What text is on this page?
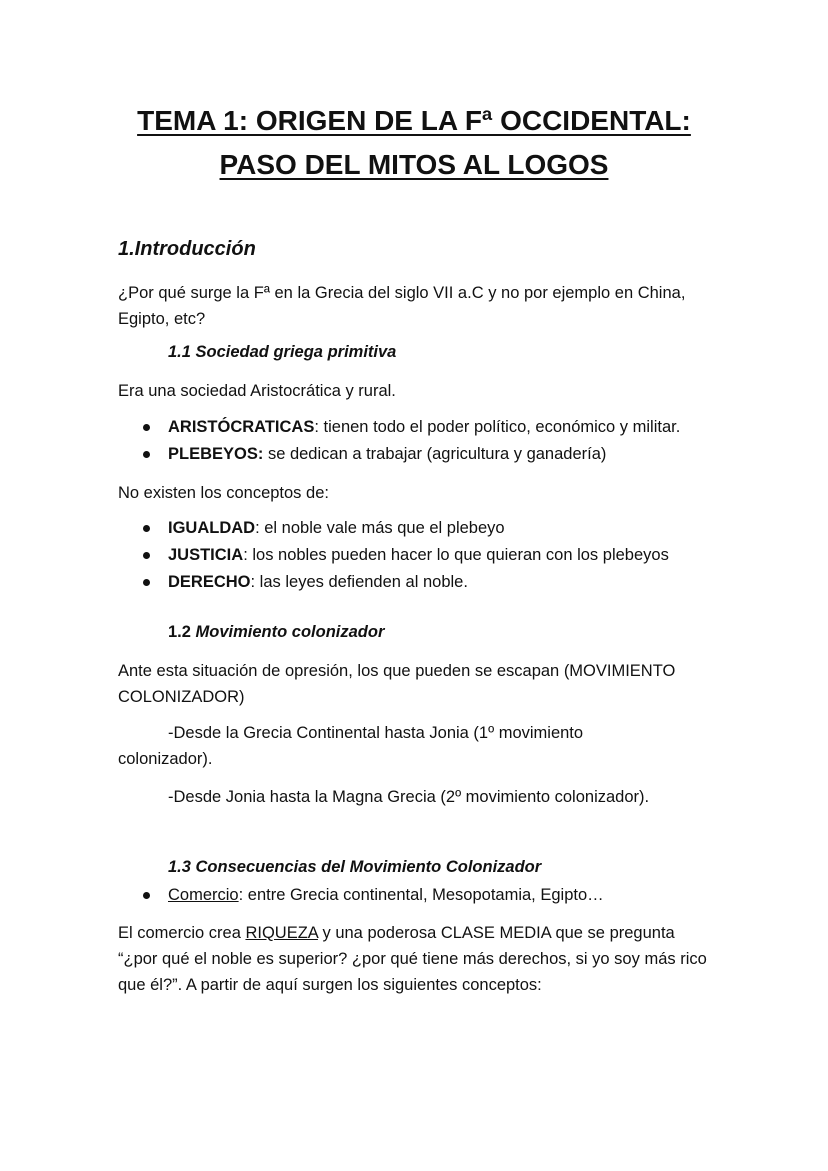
TEMA 1: ORIGEN DE LA Fª OCCIDENTAL:
PASO DEL MITOS AL LOGOS
1.Introducción

¿Por qué surge la Fª en la Grecia del siglo VII a.C y no por ejemplo en China, Egipto, etc?

1.1 Sociedad griega primitiva

Era una sociedad Aristocrática y rural.

ARISTÓCRATICAS: tienen todo el poder político, económico y militar.
PLEBEYOS: se dedican a trabajar (agricultura y ganadería)

No existen los conceptos de:

IGUALDAD: el noble vale más que el plebeyo
JUSTICIA: los nobles pueden hacer lo que quieran con los plebeyos
DERECHO: las leyes defienden al noble.
1.2 Movimiento colonizador

Ante esta situación de opresión, los que pueden se escapan (MOVIMIENTO COLONIZADOR)

-Desde la Grecia Continental hasta Jonia (1º movimiento colonizador).

-Desde Jonia hasta la Magna Grecia (2º movimiento colonizador).

1.3 Consecuencias del Movimiento Colonizador
Comercio: entre Grecia continental, Mesopotamia, Egipto…

El comercio crea RIQUEZA y una poderosa CLASE MEDIA que se pregunta “¿por qué el noble es superior? ¿por qué tiene más derechos, si yo soy más rico que él?”. A partir de aquí surgen los siguientes conceptos:
